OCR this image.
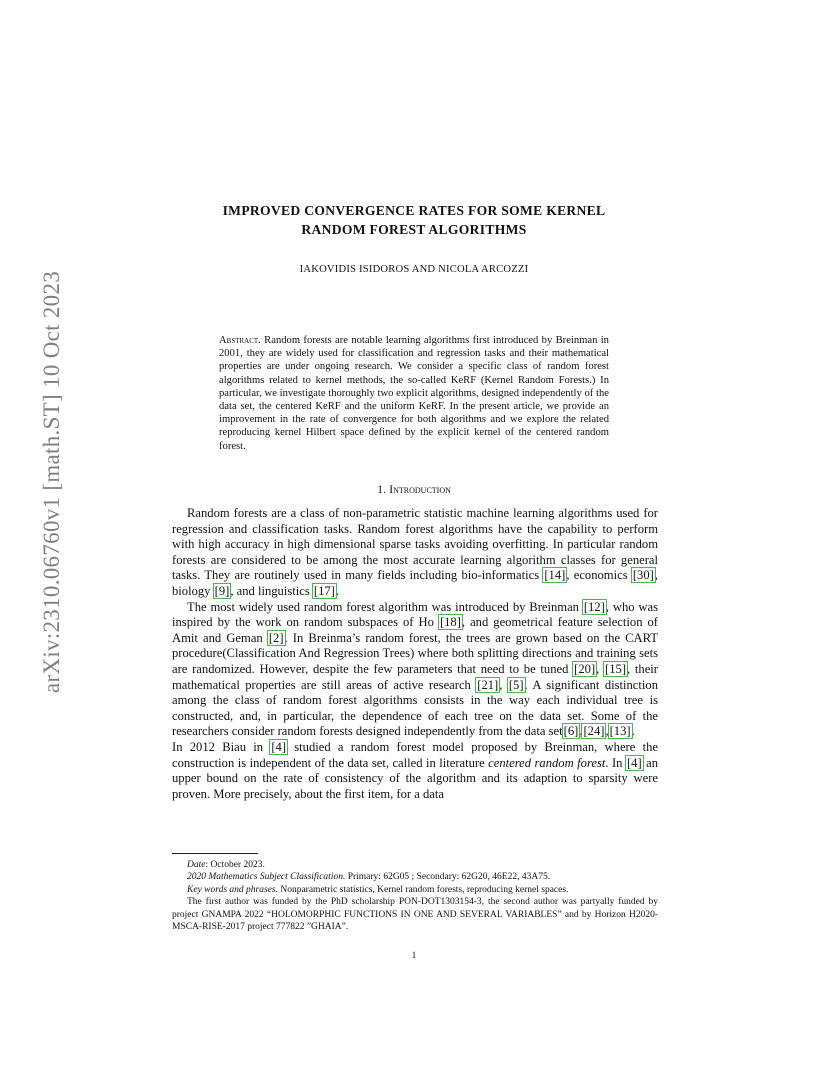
arXiv:2310.06760v1 [math.ST] 10 Oct 2023
IMPROVED CONVERGENCE RATES FOR SOME KERNEL
RANDOM FOREST ALGORITHMS
IAKOVIDIS ISIDOROS AND NICOLA ARCOZZI
Abstract. Random forests are notable learning algorithms first introduced by Breinman in 2001, they are widely used for classification and regression tasks and their mathematical properties are under ongoing research. We consider a specific class of random forest algorithms related to kernel methods, the so-called KeRF (Kernel Random Forests.) In particular, we investigate thoroughly two explicit algorithms, designed independently of the data set, the centered KeRF and the uniform KeRF. In the present article, we provide an improvement in the rate of convergence for both algorithms and we explore the related reproducing kernel Hilbert space defined by the explicit kernel of the centered random forest.
1. Introduction

Random forests are a class of non-parametric statistic machine learning algorithms used for regression and classification tasks. Random forest algorithms have the capability to perform with high accuracy in high dimensional sparse tasks avoiding overfitting. In particular random forests are considered to be among the most accurate learning algorithm classes for general tasks. They are routinely used in many fields including bio-informatics [14], economics [30], biology [9], and linguistics [17].

The most widely used random forest algorithm was introduced by Breinman [12], who was inspired by the work on random subspaces of Ho [18], and geometrical feature selection of Amit and Geman [2]. In Breinma’s random forest, the trees are grown based on the CART procedure(Classification And Regression Trees) where both splitting directions and training sets are randomized. However, despite the few parameters that need to be tuned [20], [15], their mathematical properties are still areas of active research [21], [5]. A significant distinction among the class of random forest algorithms consists in the way each individual tree is constructed, and, in particular, the dependence of each tree on the data set. Some of the researchers consider random forests designed independently from the data set[6],[24],[13].

In 2012 Biau in [4] studied a random forest model proposed by Breinman, where the construction is independent of the data set, called in literature centered random forest. In [4] an upper bound on the rate of consistency of the algorithm and its adaption to sparsity were proven. More precisely, about the first item, for a data

Date: October 2023.

2020 Mathematics Subject Classification. Primary: 62G05 ; Secondary: 62G20, 46E22, 43A75.

Key words and phrases. Nonparametric statistics, Kernel random forests, reproducing kernel spaces.

The first author was funded by the PhD scholarship PON-DOT1303154-3, the second author was partyally funded by project GNAMPA 2022 “HOLOMORPHIC FUNCTIONS IN ONE AND SEVERAL VARIABLES” and by Horizon H2020-MSCA-RISE-2017 project 777822 ”GHAIA”.

1
